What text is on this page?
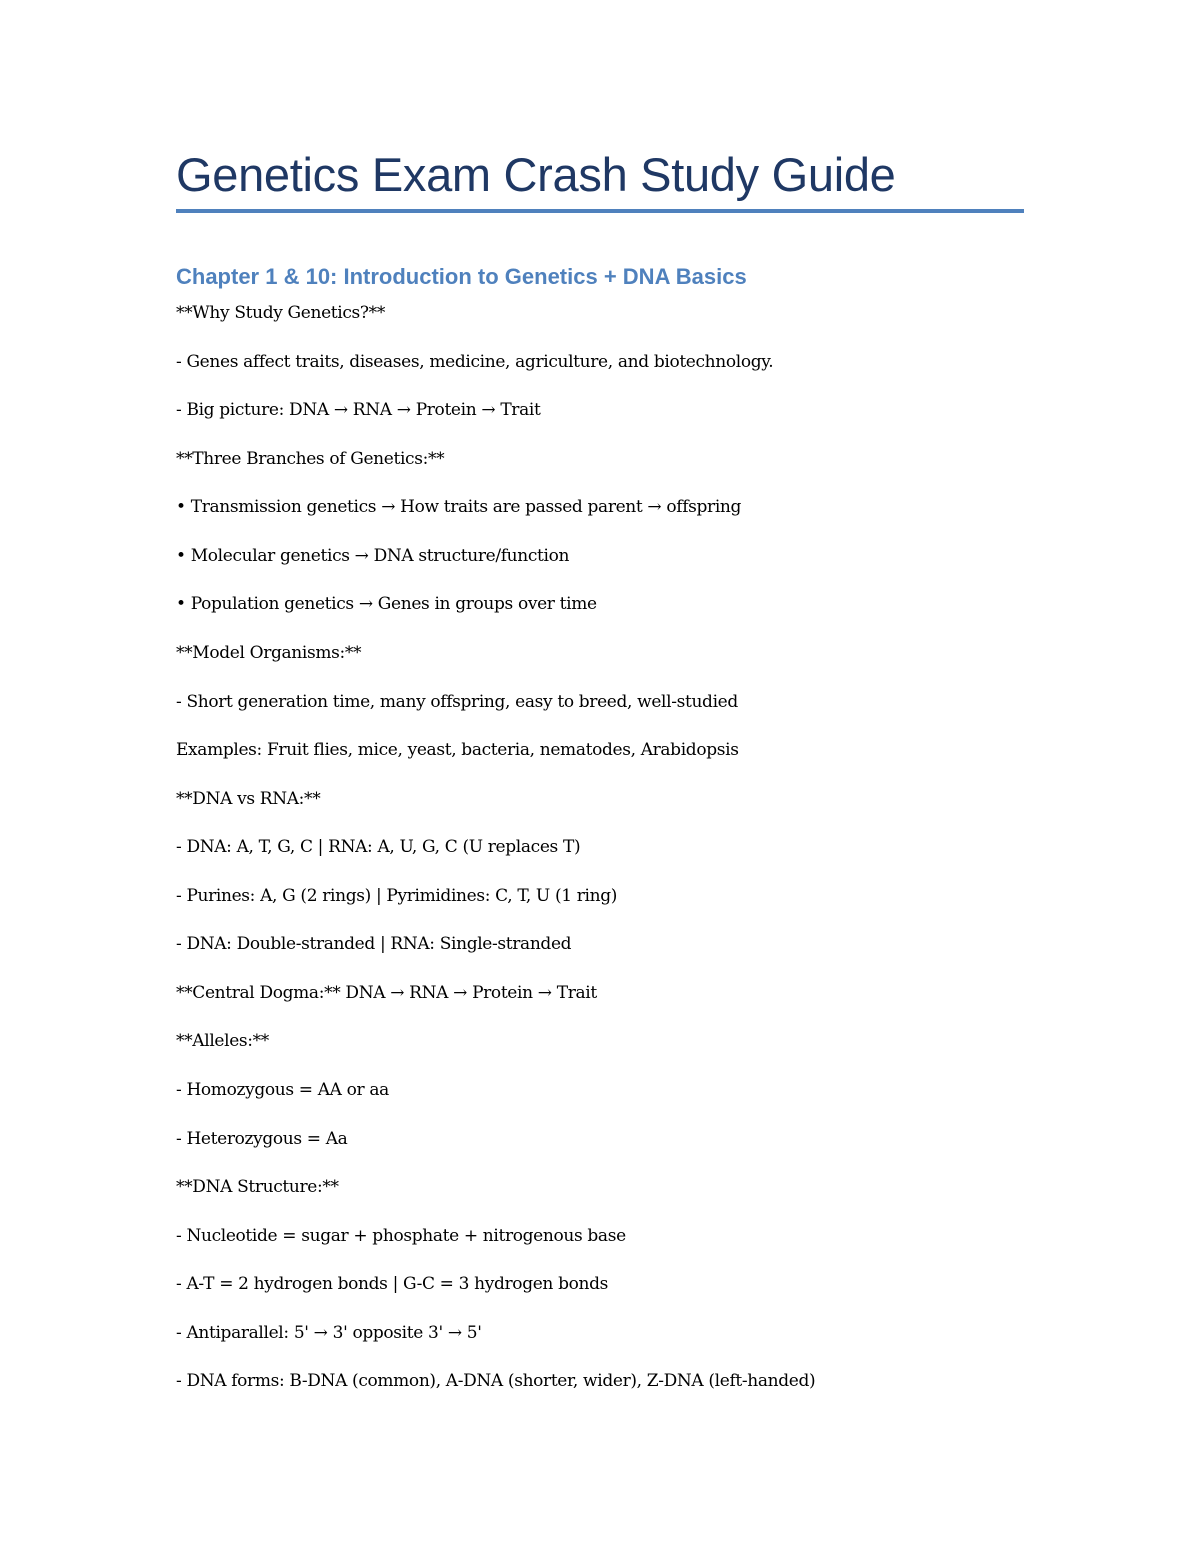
Genetics Exam Crash Study Guide
Chapter 1 & 10: Introduction to Genetics + DNA Basics

**Why Study Genetics?**

- Genes affect traits, diseases, medicine, agriculture, and biotechnology.

- Big picture: DNA → RNA → Protein → Trait

**Three Branches of Genetics:**

• Transmission genetics → How traits are passed parent → offspring

• Molecular genetics → DNA structure/function

• Population genetics → Genes in groups over time

**Model Organisms:**

- Short generation time, many offspring, easy to breed, well-studied

Examples: Fruit flies, mice, yeast, bacteria, nematodes, Arabidopsis

**DNA vs RNA:**

- DNA: A, T, G, C | RNA: A, U, G, C (U replaces T)

- Purines: A, G (2 rings) | Pyrimidines: C, T, U (1 ring)

- DNA: Double-stranded | RNA: Single-stranded

**Central Dogma:** DNA → RNA → Protein → Trait

**Alleles:**

- Homozygous = AA or aa

- Heterozygous = Aa

**DNA Structure:**

- Nucleotide = sugar + phosphate + nitrogenous base

- A-T = 2 hydrogen bonds | G-C = 3 hydrogen bonds

- Antiparallel: 5' → 3' opposite 3' → 5'

- DNA forms: B-DNA (common), A-DNA (shorter, wider), Z-DNA (left-handed)
